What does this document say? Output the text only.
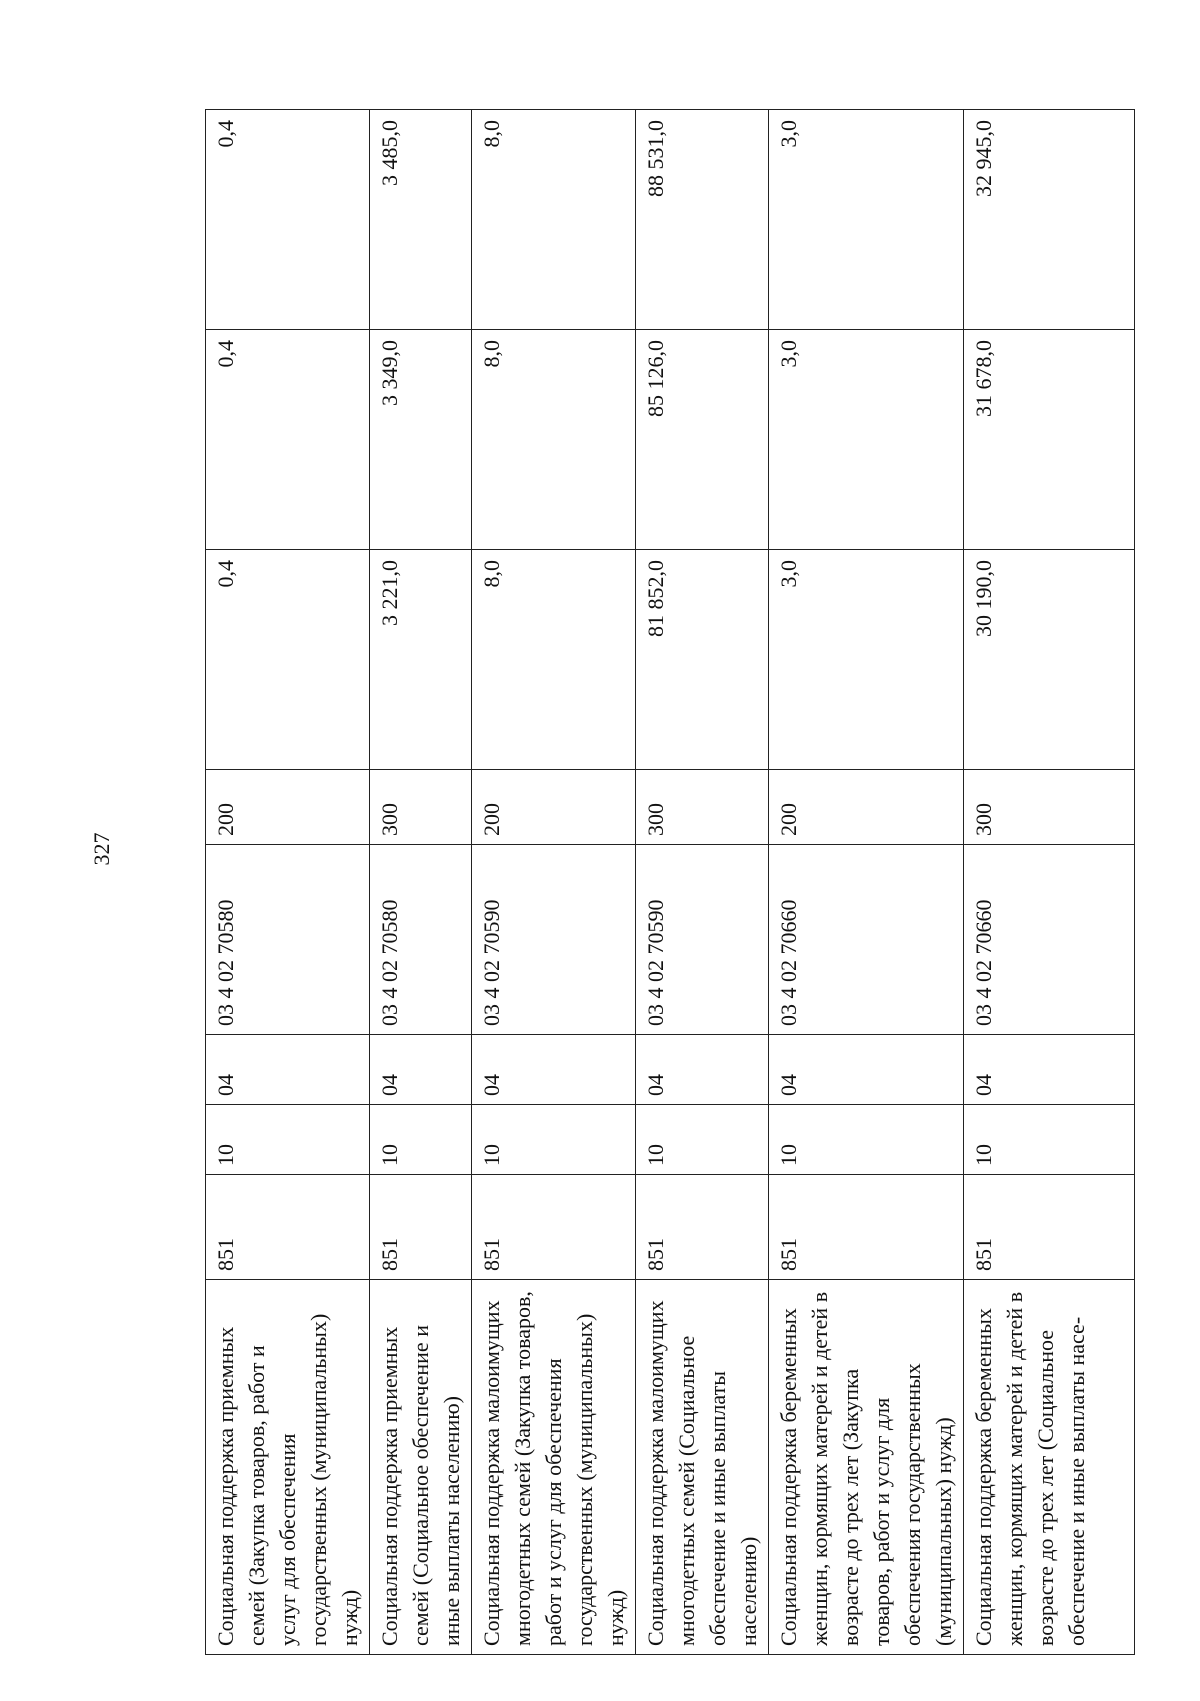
327
Социальная поддержка приемных семей (Закупка товаров, работ и услуг для обеспечения государственных (муниципальных) нужд)	851	10	04	03 4 02 70580	200	0,4	0,4	0,4
Социальная поддержка приемных семей (Социальное обеспечение и иные выплаты населению)	851	10	04	03 4 02 70580	300	3 221,0	3 349,0	3 485,0
Социальная поддержка малоимущих многодетных семей (Закупка товаров, работ и услуг для обеспечения государственных (муниципальных) нужд)	851	10	04	03 4 02 70590	200	8,0	8,0	8,0
Социальная поддержка малоимущих многодетных семей (Социальное обеспечение и иные выплаты населению)	851	10	04	03 4 02 70590	300	81 852,0	85 126,0	88 531,0
Социальная поддержка беременных женщин, кормящих матерей и детей в возрасте до трех лет (Закупка товаров, работ и услуг для обеспечения государственных (муниципальных) нужд)	851	10	04	03 4 02 70660	200	3,0	3,0	3,0
Социальная поддержка беременных женщин, кормящих матерей и детей в возрасте до трех лет (Социальное обеспечение и иные выплаты насе-	851	10	04	03 4 02 70660	300	30 190,0	31 678,0	32 945,0
